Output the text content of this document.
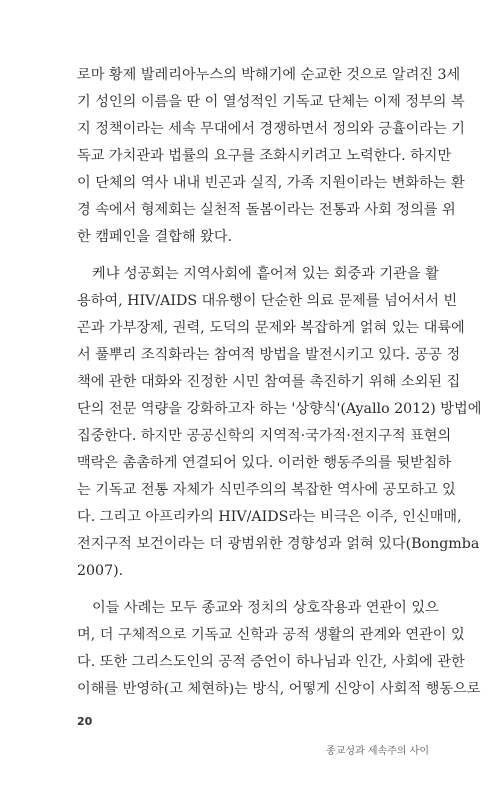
로마 황제 발레리아누스의 박해기에 순교한 것으로 알려진 3세
기 성인의 이름을 딴 이 열성적인 기독교 단체는 이제 정부의 복
지 정책이라는 세속 무대에서 경쟁하면서 정의와 긍휼이라는 기
독교 가치관과 법률의 요구를 조화시키려고 노력한다. 하지만
이 단체의 역사 내내 빈곤과 실직, 가족 지원이라는 변화하는 환
경 속에서 형제회는 실천적 돌봄이라는 전통과 사회 정의를 위
한 캠페인을 결합해 왔다.
케냐 성공회는 지역사회에 흩어져 있는 회중과 기관을 활
용하여, HIV/AIDS 대유행이 단순한 의료 문제를 넘어서서 빈
곤과 가부장제, 권력, 도덕의 문제와 복잡하게 얽혀 있는 대륙에
서 풀뿌리 조직화라는 참여적 방법을 발전시키고 있다. 공공 정
책에 관한 대화와 진정한 시민 참여를 촉진하기 위해 소외된 집
단의 전문 역량을 강화하고자 하는 '상향식'(Ayallo 2012) 방법에
집중한다. 하지만 공공신학의 지역적·국가적·전지구적 표현의
맥락은 촘촘하게 연결되어 있다. 이러한 행동주의를 뒷받침하
는 기독교 전통 자체가 식민주의의 복잡한 역사에 공모하고 있
다. 그리고 아프리카의 HIV/AIDS라는 비극은 이주, 인신매매,
전지구적 보건이라는 더 광범위한 경향성과 얽혀 있다(Bongmba
2007).
이들 사례는 모두 종교와 정치의 상호작용과 연관이 있으
며, 더 구체적으로 기독교 신학과 공적 생활의 관계와 연관이 있
다. 또한 그리스도인의 공적 증언이 하나님과 인간, 사회에 관한
이해를 반영하(고 체현하)는 방식, 어떻게 신앙이 사회적 행동으로
20
종교성과 세속주의 사이
